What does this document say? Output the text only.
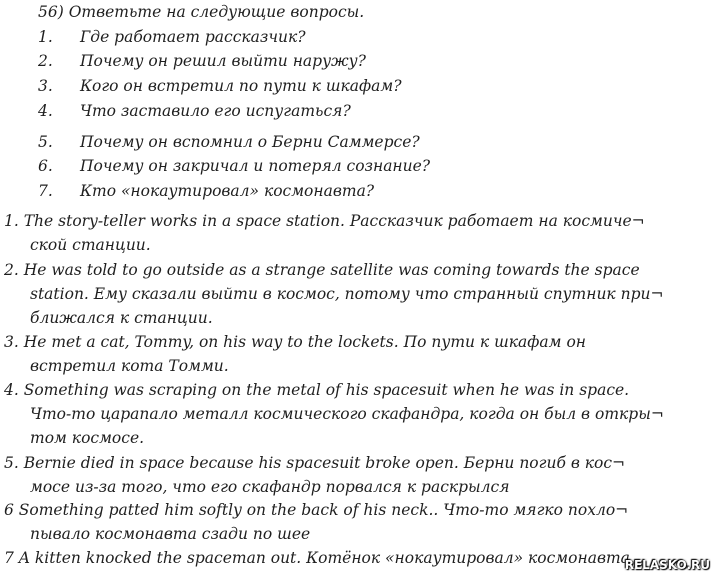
56) Ответьте на следующие вопросы.
1. Где работает рассказчик?
2. Почему он решил выйти наружу?
3. Кого он встретил по пути к шкафам?
4. Что заставило его испугаться?
5. Почему он вспомнил о Берни Саммерсе?
6. Почему он закричал и потерял сознание?
7. Кто «нокаутировал» космонавта?
1. The story-teller works in a space station. Рассказчик работает на космиче¬
ской станции.
2. He was told to go outside as a strange satellite was coming towards the space
station. Ему сказали выйти в космос, потому что странный спутник при¬
ближался к станции.
3. He met a cat, Tommy, on his way to the lockets. По пути к шкафам он
встретил кота Томми.
4. Something was scraping on the metal of his spacesuit when he was in space.
Что-то царапало металл космического скафандра, когда он был в откры¬
том космосе.
5. Bernie died in space because his spacesuit broke open. Берни погиб в кос¬
мосе из-за того, что его скафандр порвался к раскрылся
6 Something patted him softly on the back of his neck.. Что-то мягко похло¬
пывало космонавта сзади по шее
7 A kitten knocked the spaceman out. Котёнок «нокаутировал» космонавта.
RELASKO.RU
